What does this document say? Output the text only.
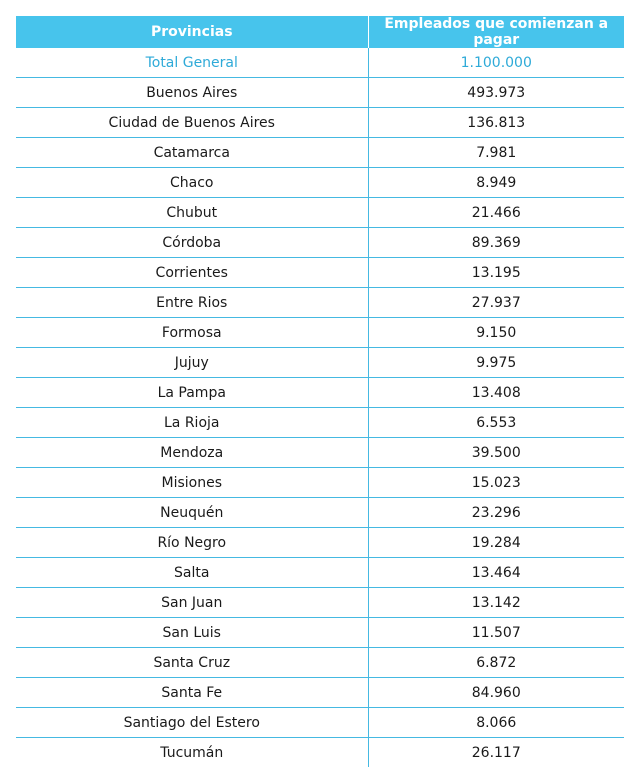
Provincias	Empleados que comienzan a pagar
Total General	1.100.000
Buenos Aires	493.973
Ciudad de Buenos Aires	136.813
Catamarca	7.981
Chaco	8.949
Chubut	21.466
Córdoba	89.369
Corrientes	13.195
Entre Rios	27.937
Formosa	9.150
Jujuy	9.975
La Pampa	13.408
La Rioja	6.553
Mendoza	39.500
Misiones	15.023
Neuquén	23.296
Río Negro	19.284
Salta	13.464
San Juan	13.142
San Luis	11.507
Santa Cruz	6.872
Santa Fe	84.960
Santiago del Estero	8.066
Tucumán	26.117
